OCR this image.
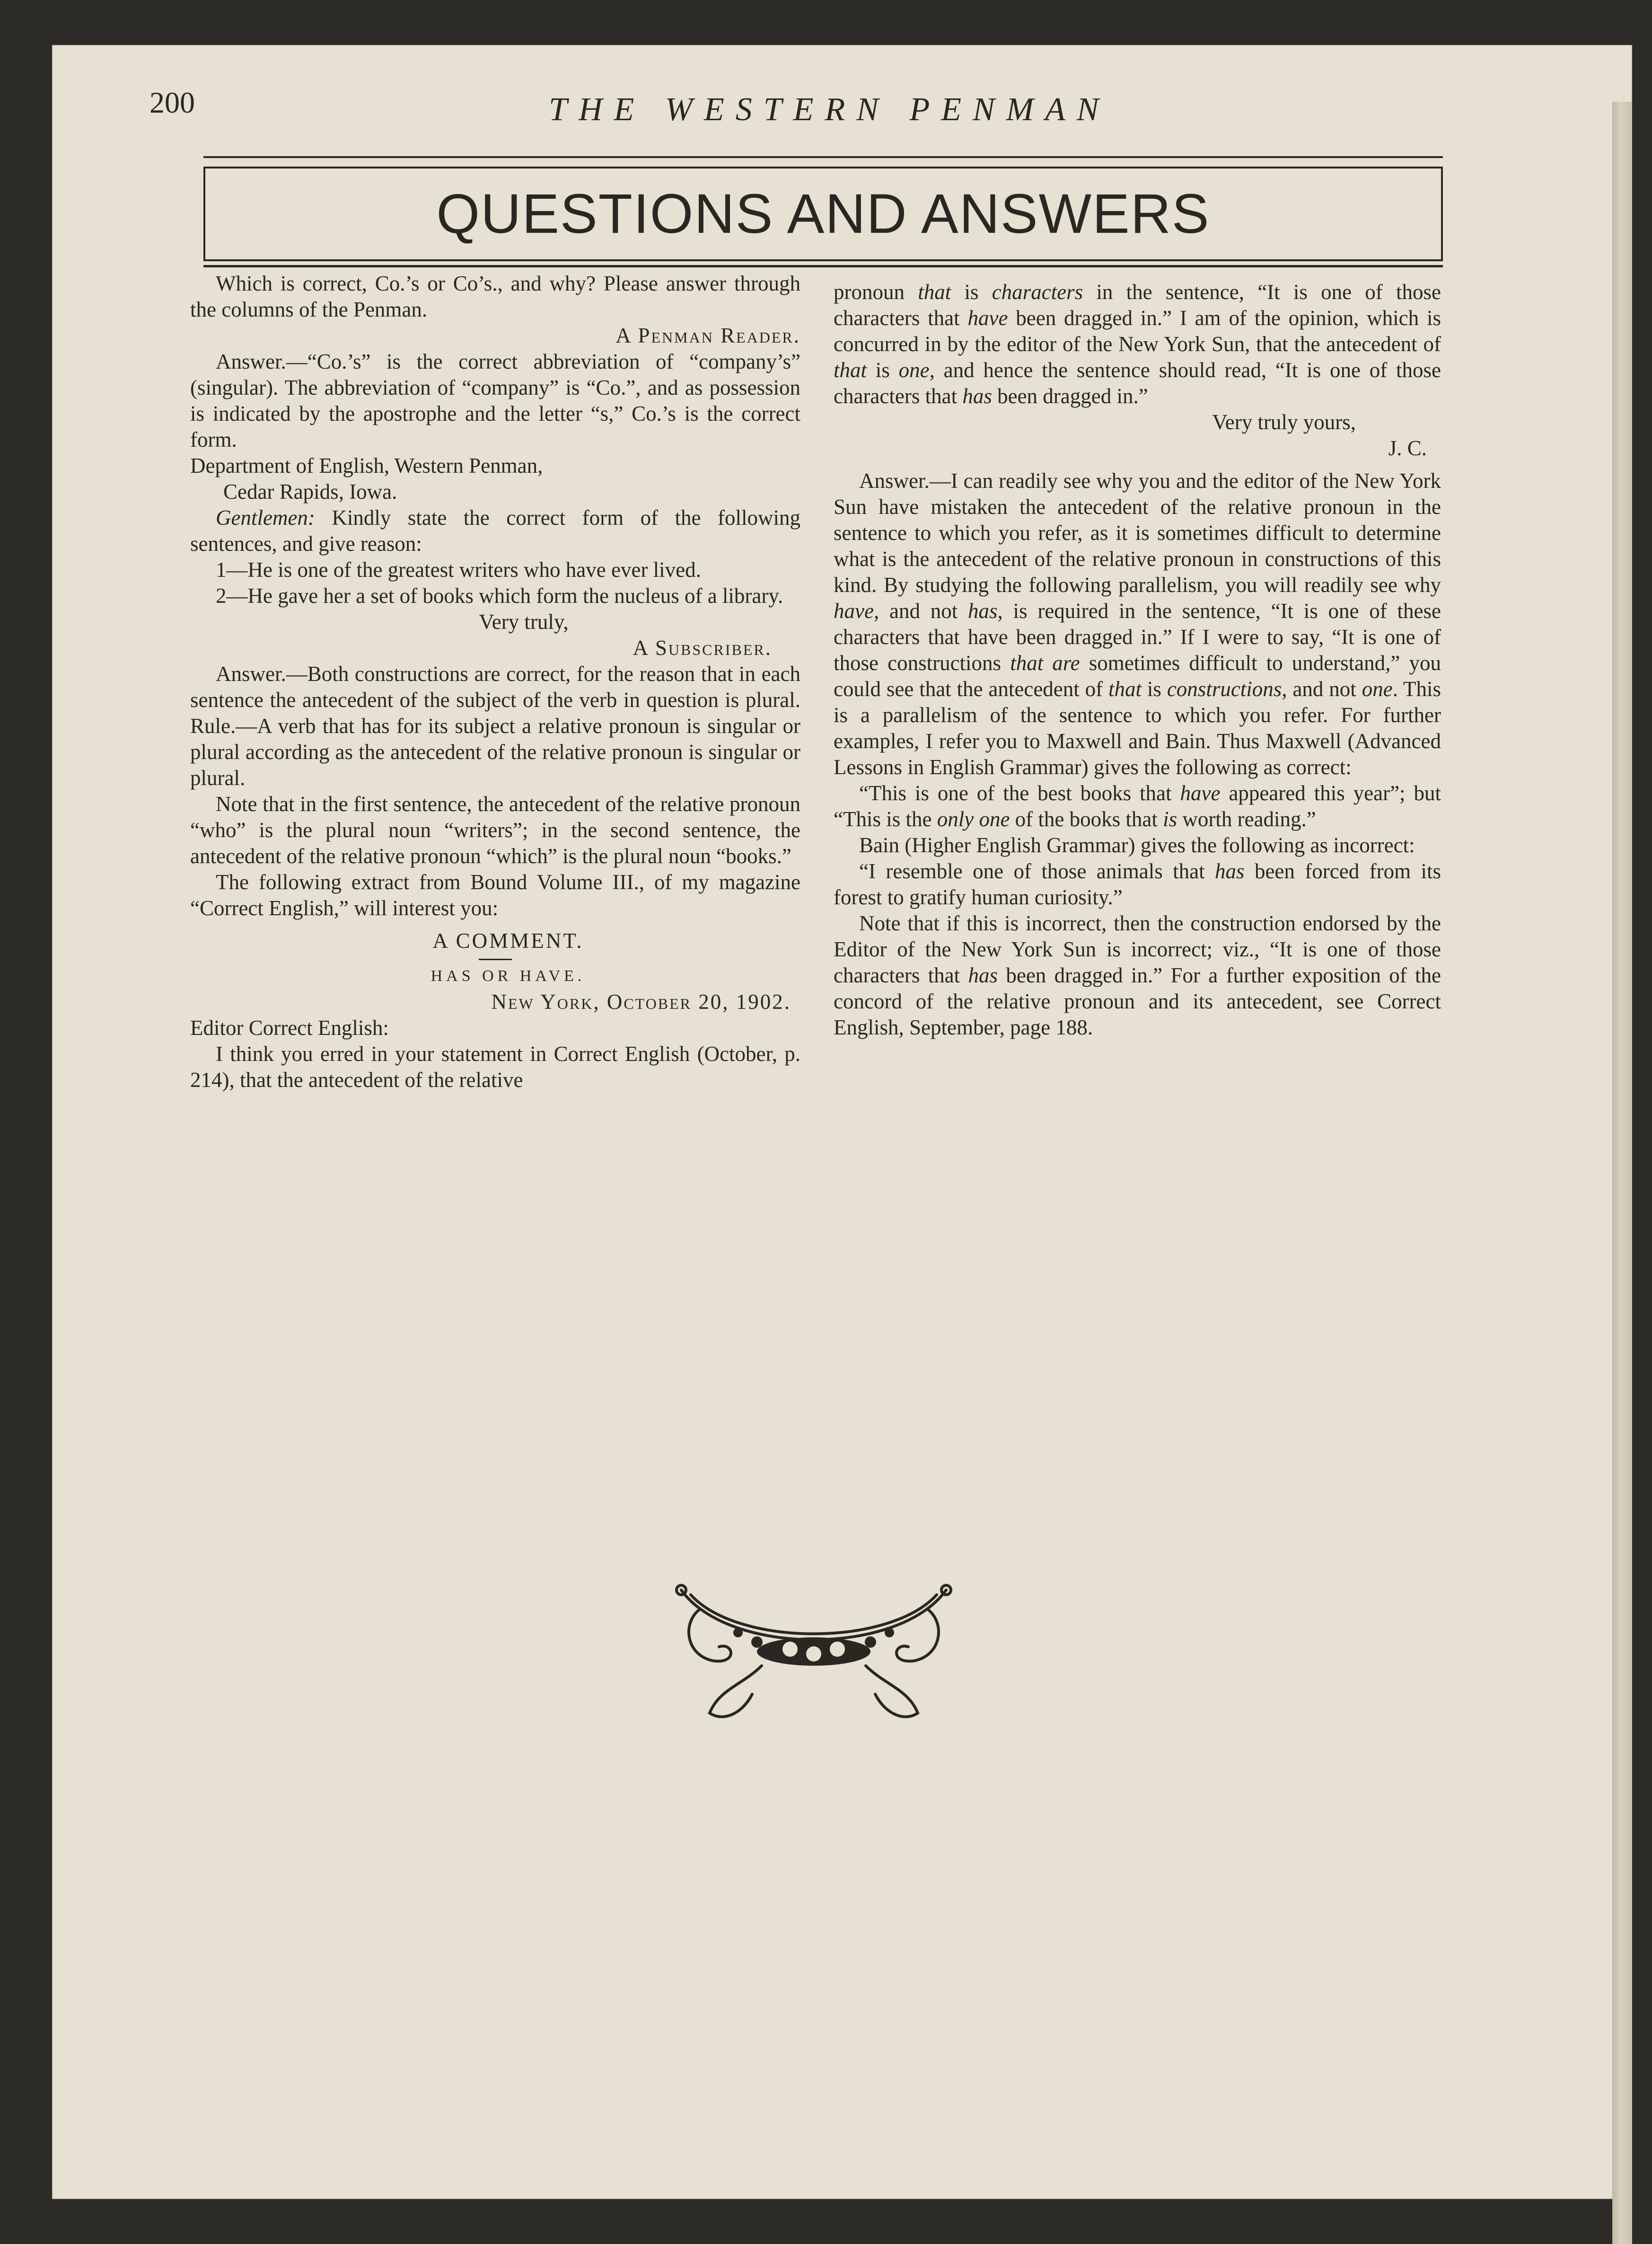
200	THE WESTERN PENMAN
QUESTIONS AND ANSWERS

Which is correct, Co.’s or Co’s., and why? Please answer through the columns of the Penman.

A Penman Reader.

Answer.—“Co.’s” is the correct abbreviation of “company’s” (singular). The abbreviation of “company” is “Co.”, and as possession is indicated by the apostrophe and the letter “s,” Co.’s is the correct form.

Department of English, Western Penman,

Cedar Rapids, Iowa.

Gentlemen: Kindly state the correct form of the following sentences, and give reason:

1—He is one of the greatest writers who have ever lived.

2—He gave her a set of books which form the nucleus of a library.

Very truly,

A Subscriber.

Answer.—Both constructions are correct, for the reason that in each sentence the antecedent of the subject of the verb in question is plural. Rule.—A verb that has for its subject a relative pronoun is singular or plural according as the antecedent of the relative pronoun is singular or plural.

Note that in the first sentence, the antecedent of the relative pronoun “who” is the plural noun “writers”; in the second sentence, the antecedent of the relative pronoun “which” is the plural noun “books.”

The following extract from Bound Volume III., of my magazine “Correct English,” will interest you:

A COMMENT.

HAS OR HAVE.

New York, October 20, 1902.

Editor Correct English:

I think you erred in your statement in Correct English (October, p. 214), that the antecedent of the relative

pronoun that is characters in the sentence, “It is one of those characters that have been dragged in.” I am of the opinion, which is concurred in by the editor of the New York Sun, that the antecedent of that is one, and hence the sentence should read, “It is one of those characters that has been dragged in.”

Very truly yours,

J. C.

Answer.—I can readily see why you and the editor of the New York Sun have mistaken the antecedent of the relative pronoun in the sentence to which you refer, as it is sometimes difficult to determine what is the antecedent of the relative pronoun in constructions of this kind. By studying the following parallelism, you will readily see why have, and not has, is required in the sentence, “It is one of these characters that have been dragged in.” If I were to say, “It is one of those constructions that are sometimes difficult to understand,” you could see that the antecedent of that is constructions, and not one. This is a parallelism of the sentence to which you refer. For further examples, I refer you to Maxwell and Bain. Thus Maxwell (Advanced Lessons in English Grammar) gives the following as correct:

“This is one of the best books that have appeared this year”; but “This is the only one of the books that is worth reading.”

Bain (Higher English Grammar) gives the following as incorrect:

“I resemble one of those animals that has been forced from its forest to gratify human curiosity.”

Note that if this is incorrect, then the construction endorsed by the Editor of the New York Sun is incorrect; viz., “It is one of those characters that has been dragged in.” For a further exposition of the concord of the relative pronoun and its antecedent, see Correct English, September, page 188.
